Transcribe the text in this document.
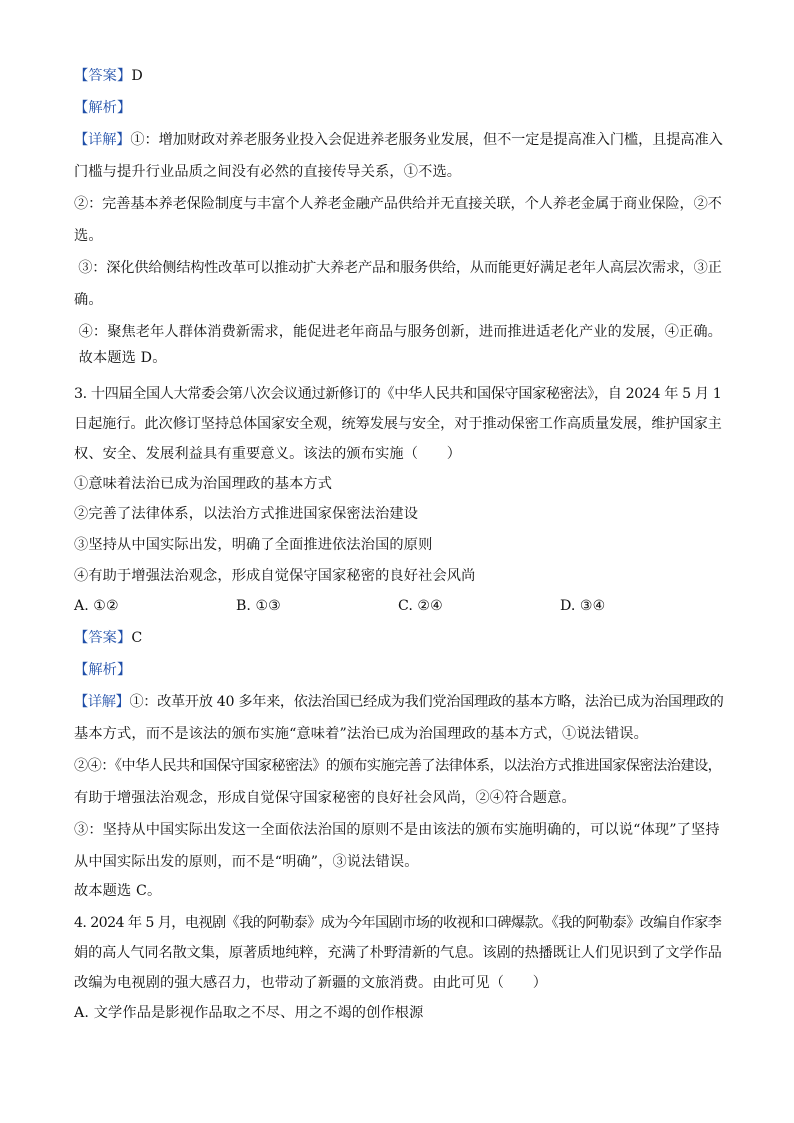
【答案】D
【解析】
【详解】①：增加财政对养老服务业投入会促进养老服务业发展，但不一定是提高准入门槛，且提高准入
门槛与提升行业品质之间没有必然的直接传导关系，①不选。
②：完善基本养老保险制度与丰富个人养老金融产品供给并无直接关联，个人养老金属于商业保险，②不
选。
③：深化供给侧结构性改革可以推动扩大养老产品和服务供给，从而能更好满足老年人高层次需求，③正
确。
④：聚焦老年人群体消费新需求，能促进老年商品与服务创新，进而推进适老化产业的发展，④正确。
故本题选 D。
3. 十四届全国人大常委会第八次会议通过新修订的《中华人民共和国保守国家秘密法》，自 2024 年 5 月 1
日起施行。此次修订坚持总体国家安全观，统筹发展与安全，对于推动保密工作高质量发展，维护国家主
权、安全、发展利益具有重要意义。该法的颁布实施（　　）
①意味着法治已成为治国理政的基本方式
②完善了法律体系，以法治方式推进国家保密法治建设
③坚持从中国实际出发，明确了全面推进依法治国的原则
④有助于增强法治观念，形成自觉保守国家秘密的良好社会风尚
A. ①②	B. ①③	C. ②④	D. ③④
【答案】C
【解析】
【详解】①：改革开放 40 多年来，依法治国已经成为我们党治国理政的基本方略，法治已成为治国理政的
基本方式，而不是该法的颁布实施“意味着”法治已成为治国理政的基本方式，①说法错误。
②④：《中华人民共和国保守国家秘密法》的颁布实施完善了法律体系，以法治方式推进国家保密法治建设，
有助于增强法治观念，形成自觉保守国家秘密的良好社会风尚，②④符合题意。
③：坚持从中国实际出发这一全面依法治国的原则不是由该法的颁布实施明确的，可以说“体现”了坚持
从中国实际出发的原则，而不是“明确”，③说法错误。
故本题选 C。
4. 2024 年 5 月，电视剧《我的阿勒泰》成为今年国剧市场的收视和口碑爆款。《我的阿勒泰》改编自作家李
娟的高人气同名散文集，原著质地纯粹，充满了朴野清新的气息。该剧的热播既让人们见识到了文学作品
改编为电视剧的强大感召力，也带动了新疆的文旅消费。由此可见（　　）
A. 文学作品是影视作品取之不尽、用之不竭的创作根源
